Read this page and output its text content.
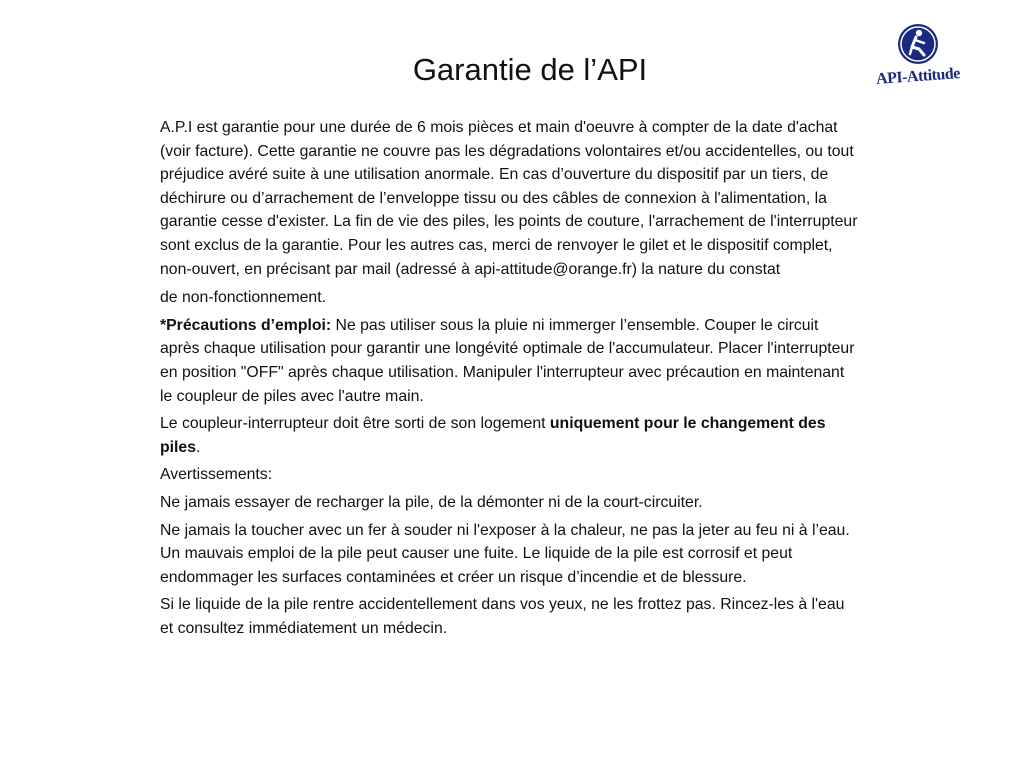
Garantie de l’API	API-Attitude

A.P.I est garantie pour une durée de 6 mois pièces et main d'oeuvre à compter de la date d'achat (voir facture). Cette garantie ne couvre pas les dégradations volontaires et/ou accidentelles, ou tout préjudice avéré suite à une utilisation anormale. En cas d’ouverture du dispositif par un tiers, de déchirure ou d’arrachement de l’enveloppe tissu ou des câbles de connexion à l'alimentation, la garantie cesse d'exister. La fin de vie des piles, les points de couture, l'arrachement de l'interrupteur sont exclus de la garantie. Pour les autres cas, merci de renvoyer le gilet et le dispositif complet, non-ouvert, en précisant par mail (adressé à api-attitude@orange.fr) la nature du constat
de non-fonctionnement.

*Précautions d’emploi: Ne pas utiliser sous la pluie ni immerger l’ensemble. Couper le circuit après chaque utilisation pour garantir une longévité optimale de l'accumulateur. Placer l'interrupteur en position "OFF" après chaque utilisation. Manipuler l'interrupteur avec précaution en maintenant le coupleur de piles avec l'autre main.

Le coupleur-interrupteur doit être sorti de son logement uniquement pour le changement des piles.

Avertissements:

Ne jamais essayer de recharger la pile, de la démonter ni de la court-circuiter.

Ne jamais la toucher avec un fer à souder ni l'exposer à la chaleur, ne pas la jeter au feu ni à l’eau. Un mauvais emploi de la pile peut causer une fuite. Le liquide de la pile est corrosif et peut endommager les surfaces contaminées et créer un risque d’incendie et de blessure.

Si le liquide de la pile rentre accidentellement dans vos yeux, ne les frottez pas. Rincez-les à l'eau et consultez immédiatement un médecin.
